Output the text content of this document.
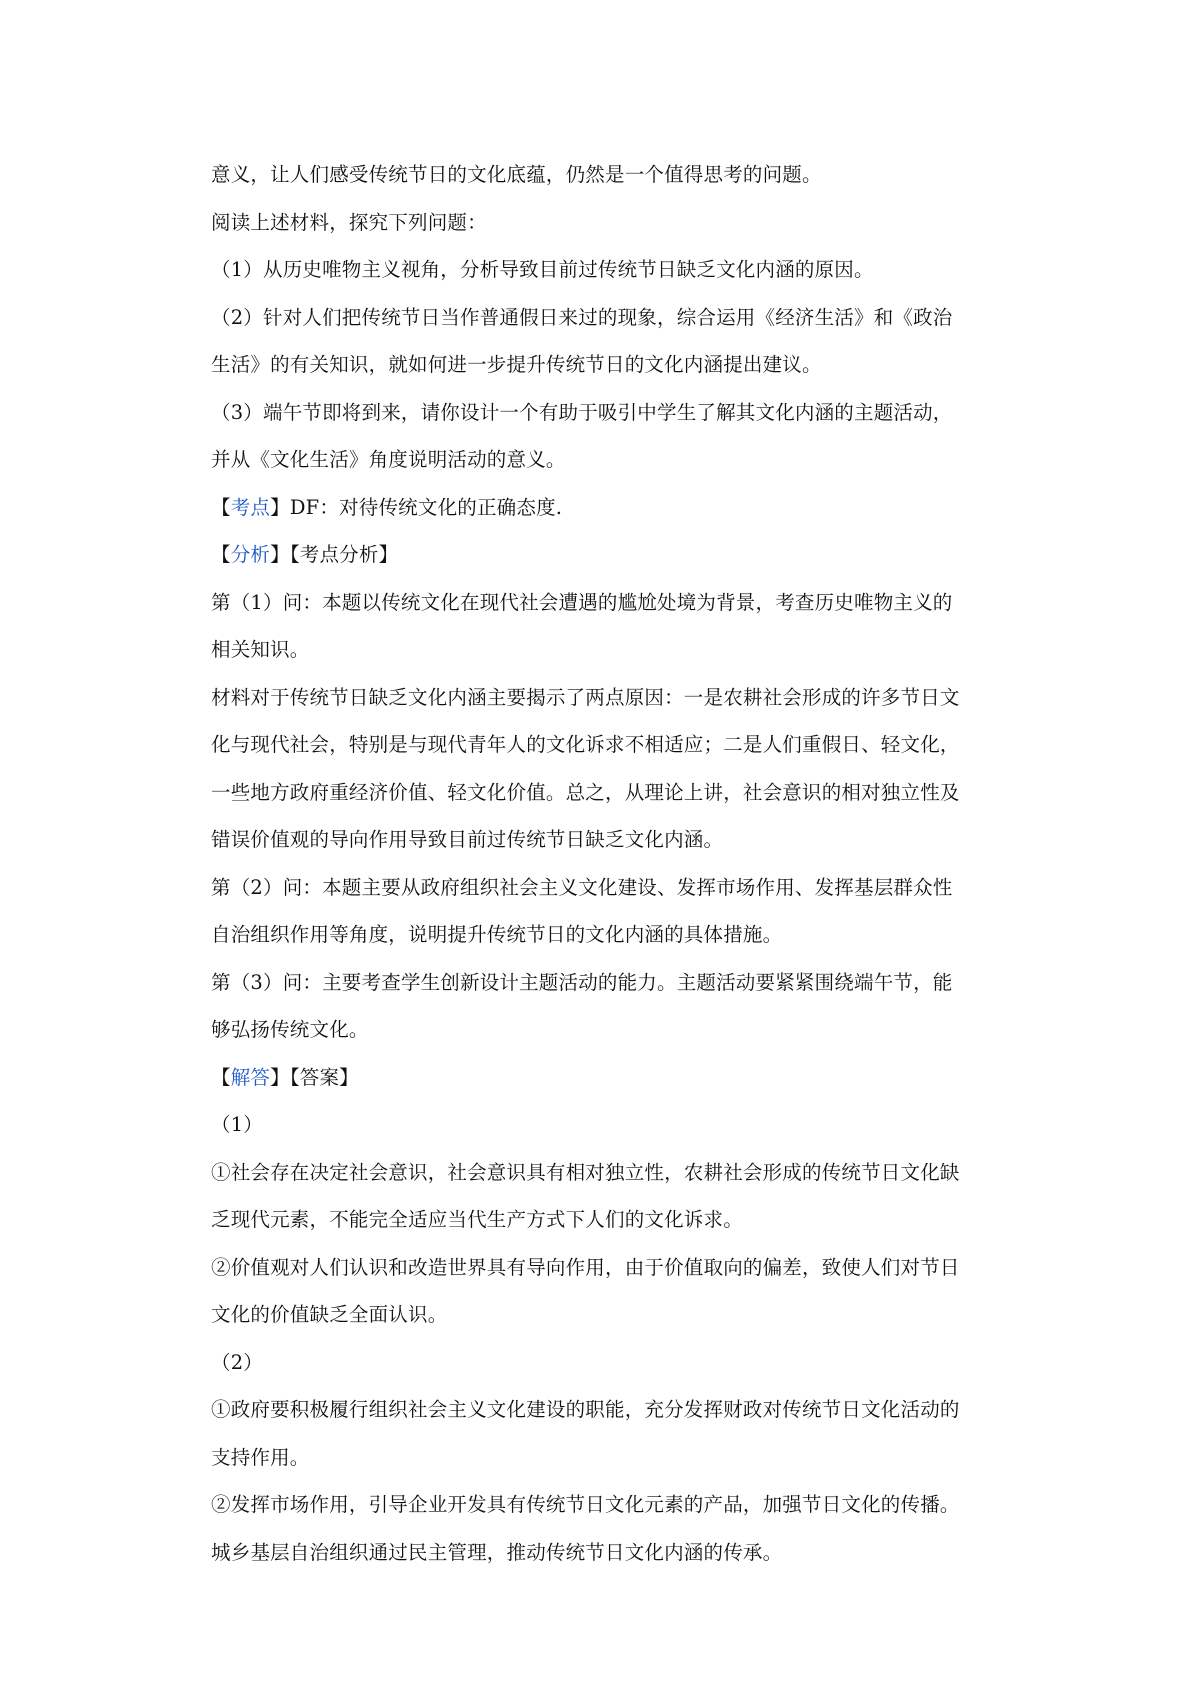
意义，让人们感受传统节日的文化底蕴，仍然是一个值得思考的问题。
阅读上述材料，探究下列问题：
（1）从历史唯物主义视角，分析导致目前过传统节日缺乏文化内涵的原因。
（2）针对人们把传统节日当作普通假日来过的现象，综合运用《经济生活》和《政治
生活》的有关知识，就如何进一步提升传统节日的文化内涵提出建议。
（3）端午节即将到来，请你设计一个有助于吸引中学生了解其文化内涵的主题活动，
并从《文化生活》角度说明活动的意义。
【考点】DF：对待传统文化的正确态度.
【分析】【考点分析】
第（1）问：本题以传统文化在现代社会遭遇的尴尬处境为背景，考查历史唯物主义的
相关知识。
材料对于传统节日缺乏文化内涵主要揭示了两点原因：一是农耕社会形成的许多节日文
化与现代社会，特别是与现代青年人的文化诉求不相适应；二是人们重假日、轻文化，
一些地方政府重经济价值、轻文化价值。总之，从理论上讲，社会意识的相对独立性及
错误价值观的导向作用导致目前过传统节日缺乏文化内涵。
第（2）问：本题主要从政府组织社会主义文化建设、发挥市场作用、发挥基层群众性
自治组织作用等角度，说明提升传统节日的文化内涵的具体措施。
第（3）问：主要考查学生创新设计主题活动的能力。主题活动要紧紧围绕端午节，能
够弘扬传统文化。
【解答】【答案】
（1）
①社会存在决定社会意识，社会意识具有相对独立性，农耕社会形成的传统节日文化缺
乏现代元素，不能完全适应当代生产方式下人们的文化诉求。
②价值观对人们认识和改造世界具有导向作用，由于价值取向的偏差，致使人们对节日
文化的价值缺乏全面认识。
（2）
①政府要积极履行组织社会主义文化建设的职能，充分发挥财政对传统节日文化活动的
支持作用。
②发挥市场作用，引导企业开发具有传统节日文化元素的产品，加强节日文化的传播。
城乡基层自治组织通过民主管理，推动传统节日文化内涵的传承。
